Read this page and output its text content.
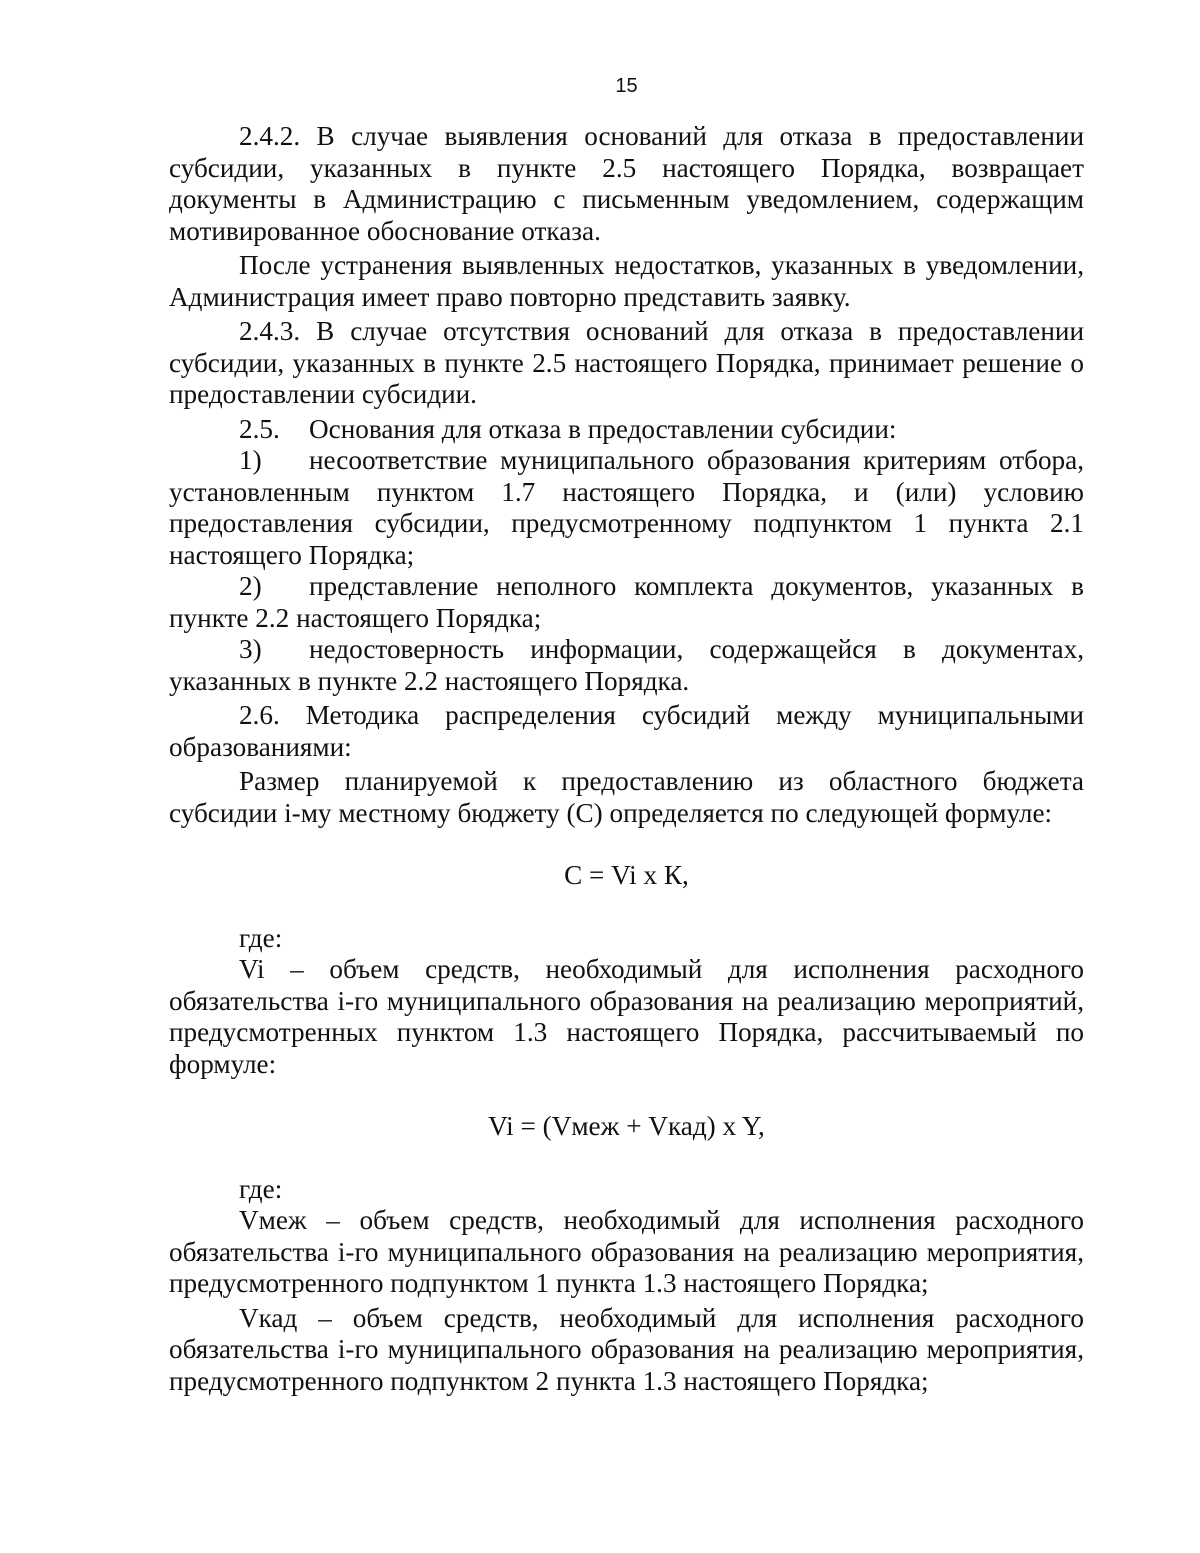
15

2.4.2. В случае выявления оснований для отказа в предоставлении субсидии, указанных в пункте 2.5 настоящего Порядка, возвращает документы в Администрацию с письменным уведомлением, содержащим мотивированное обоснование отказа.

После устранения выявленных недостатков, указанных в уведомлении, Администрация имеет право повторно представить заявку.

2.4.3. В случае отсутствия оснований для отказа в предоставлении субсидии, указанных в пункте 2.5 настоящего Порядка, принимает решение о предоставлении субсидии.

2.5. Основания для отказа в предоставлении субсидии:

1) несоответствие муниципального образования критериям отбора, установленным пунктом 1.7 настоящего Порядка, и (или) условию предоставления субсидии, предусмотренному подпунктом 1 пункта 2.1 настоящего Порядка;

2) представление неполного комплекта документов, указанных в пункте 2.2 настоящего Порядка;

3) недостоверность информации, содержащейся в документах, указанных в пункте 2.2 настоящего Порядка.

2.6. Методика распределения субсидий между муниципальными образованиями:

Размер планируемой к предоставлению из областного бюджета субсидии i-му местному бюджету (С) определяется по следующей формуле:

С = Vi x К,

где:

Vi – объем средств, необходимый для исполнения расходного обязательства i-го муниципального образования на реализацию мероприятий, предусмотренных пунктом 1.3 настоящего Порядка, рассчитываемый по формуле:

Vi = (Vмеж + Vкад) x Y,

где:

Vмеж – объем средств, необходимый для исполнения расходного обязательства i-го муниципального образования на реализацию мероприятия, предусмотренного подпунктом 1 пункта 1.3 настоящего Порядка;

Vкад – объем средств, необходимый для исполнения расходного обязательства i-го муниципального образования на реализацию мероприятия, предусмотренного подпунктом 2 пункта 1.3 настоящего Порядка;
